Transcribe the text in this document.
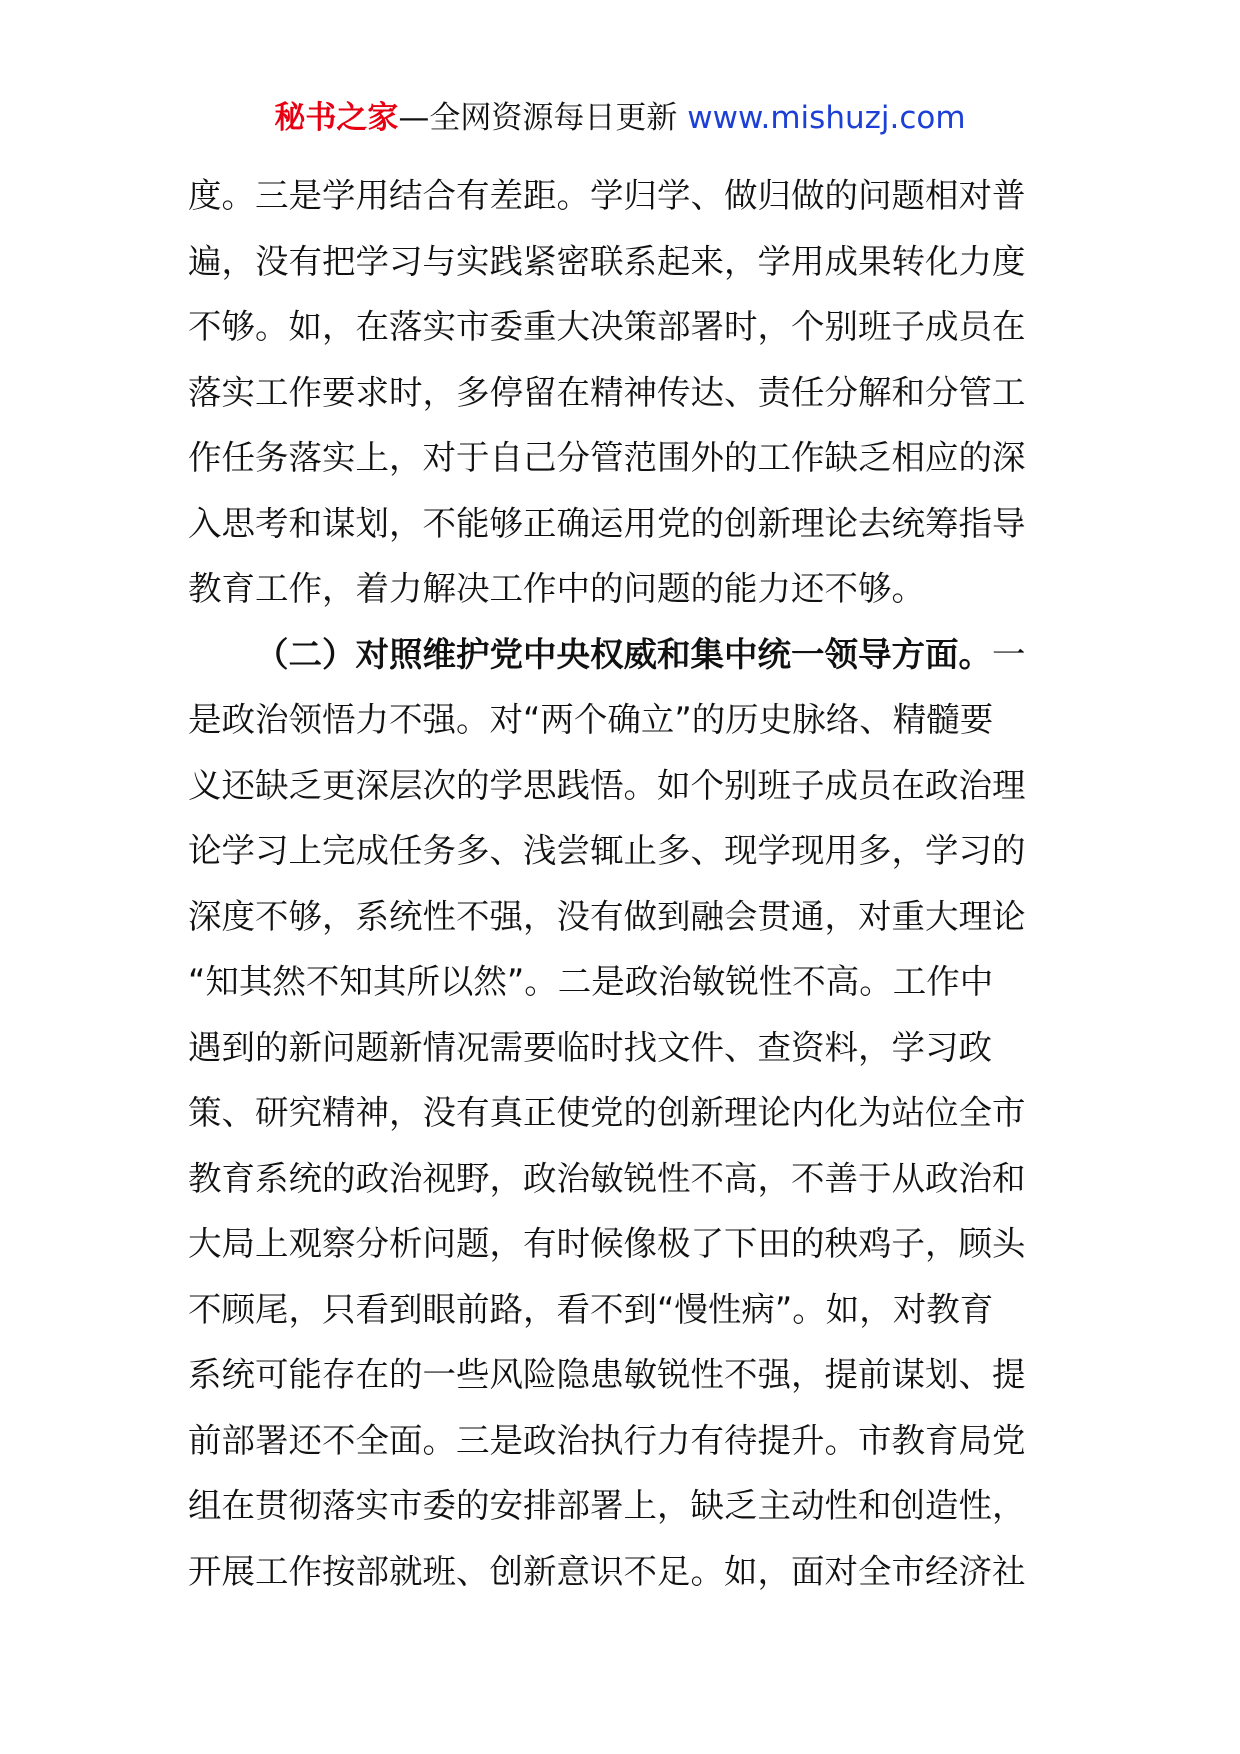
秘书之家—全网资源每日更新 www.mishuzj.com
度。三是学用结合有差距。学归学、做归做的问题相对普
遍，没有把学习与实践紧密联系起来，学用成果转化力度
不够。如，在落实市委重大决策部署时，个别班子成员在
落实工作要求时，多停留在精神传达、责任分解和分管工
作任务落实上，对于自己分管范围外的工作缺乏相应的深
入思考和谋划，不能够正确运用党的创新理论去统筹指导
教育工作，着力解决工作中的问题的能力还不够。
（二）对照维护党中央权威和集中统一领导方面。一
是政治领悟力不强。对“两个确立”的历史脉络、精髓要
义还缺乏更深层次的学思践悟。如个别班子成员在政治理
论学习上完成任务多、浅尝辄止多、现学现用多，学习的
深度不够，系统性不强，没有做到融会贯通，对重大理论
“知其然不知其所以然”。二是政治敏锐性不高。工作中
遇到的新问题新情况需要临时找文件、查资料，学习政
策、研究精神，没有真正使党的创新理论内化为站位全市
教育系统的政治视野，政治敏锐性不高，不善于从政治和
大局上观察分析问题，有时候像极了下田的秧鸡子，顾头
不顾尾，只看到眼前路，看不到“慢性病”。如，对教育
系统可能存在的一些风险隐患敏锐性不强，提前谋划、提
前部署还不全面。三是政治执行力有待提升。市教育局党
组在贯彻落实市委的安排部署上，缺乏主动性和创造性，
开展工作按部就班、创新意识不足。如，面对全市经济社
